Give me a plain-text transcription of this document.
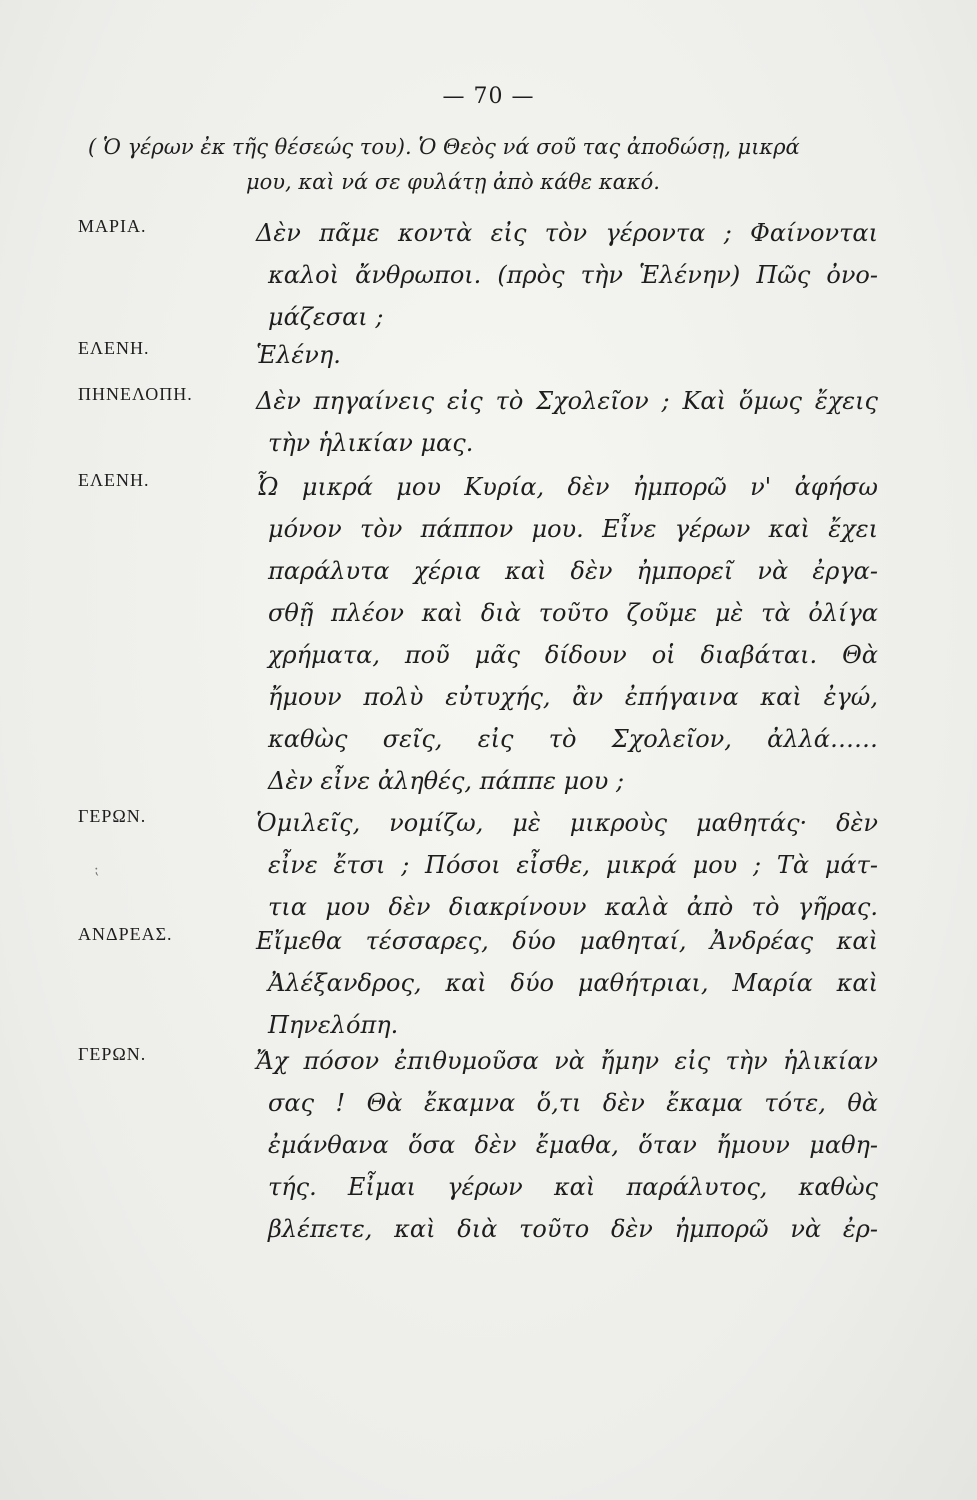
— 70 —
( Ὁ γέρων ἐκ τῆς θέσεώς του). Ὁ Θεὸς νά σοῦ τας ἀποδώσῃ, μικρά
μου, καὶ νά σε φυλάτῃ ἀπὸ κάθε κακό.
ΜΑΡΙΑ.	Δὲν πᾶμε κοντὰ εἰς τὸν γέροντα ; Φαίνονται
καλοὶ ἄνθρωποι. (πρὸς τὴν Ἑλένην) Πῶς ὀνο-
μάζεσαι ;
ΕΛΕΝΗ.	Ἑλένη.
ΠΗΝΕΛΟΠΗ.	Δὲν πηγαίνεις εἰς τὸ Σχολεῖον ; Καὶ ὅμως ἔχεις
τὴν ἡλικίαν μας.
ΕΛΕΝΗ.	Ὦ μικρά μου Κυρία, δὲν ἠμπορῶ ν' ἀφήσω
μόνον τὸν πάππον μου. Εἶνε γέρων καὶ ἔχει
παράλυτα χέρια καὶ δὲν ἠμπορεῖ νὰ ἐργα-
σθῇ πλέον καὶ διὰ τοῦτο ζοῦμε μὲ τὰ ὀλίγα
χρήματα, ποῦ μᾶς δίδουν οἱ διαβάται. Θὰ
ἤμουν πολὺ εὐτυχής, ἂν ἐπήγαινα καὶ ἐγώ,
καθὼς σεῖς, εἰς τὸ Σχολεῖον, ἀλλά……
Δὲν εἶνε ἀληθές, πάππε μου ;
ΓΕΡΩΝ.	Ὁμιλεῖς, νομίζω, μὲ μικροὺς μαθητάς· δὲν
εἶνε ἔτσι ; Πόσοι εἶσθε, μικρά μου ; Τὰ μάτ-
τια μου δὲν διακρίνουν καλὰ ἀπὸ τὸ γῆρας.
ΑΝΔΡΕΑΣ.	Εἴμεθα τέσσαρες, δύο μαθηταί, Ἀνδρέας καὶ
Ἀλέξανδρος, καὶ δύο μαθήτριαι, Μαρία καὶ
Πηνελόπη.
ΓΕΡΩΝ.	Ἄχ πόσον ἐπιθυμοῦσα νὰ ἤμην εἰς τὴν ἡλικίαν
σας ! Θὰ ἔκαμνα ὅ,τι δὲν ἔκαμα τότε, θὰ
ἐμάνθανα ὅσα δὲν ἔμαθα, ὅταν ἤμουν μαθη-
τής. Εἶμαι γέρων καὶ παράλυτος, καθὼς
βλέπετε, καὶ διὰ τοῦτο δὲν ἠμπορῶ νὰ ἐρ-
⁏
